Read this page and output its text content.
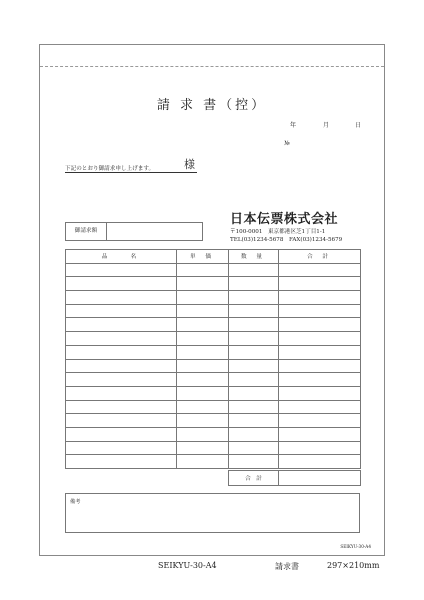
請 求 書（控）
年	月	日
№
様
下記のとおり御請求申し上げます。
日本伝票株式会社
〒100-0001　東京都港区芝1丁目1-1
TEL(03)1234-5678　FAX(03)1234-5679
御請求額
品　　名	単 価	数 量	合 計

合　計	
備考
SEIKYU-30-A4
SEIKYU-30-A4	請求書	297×210mm
